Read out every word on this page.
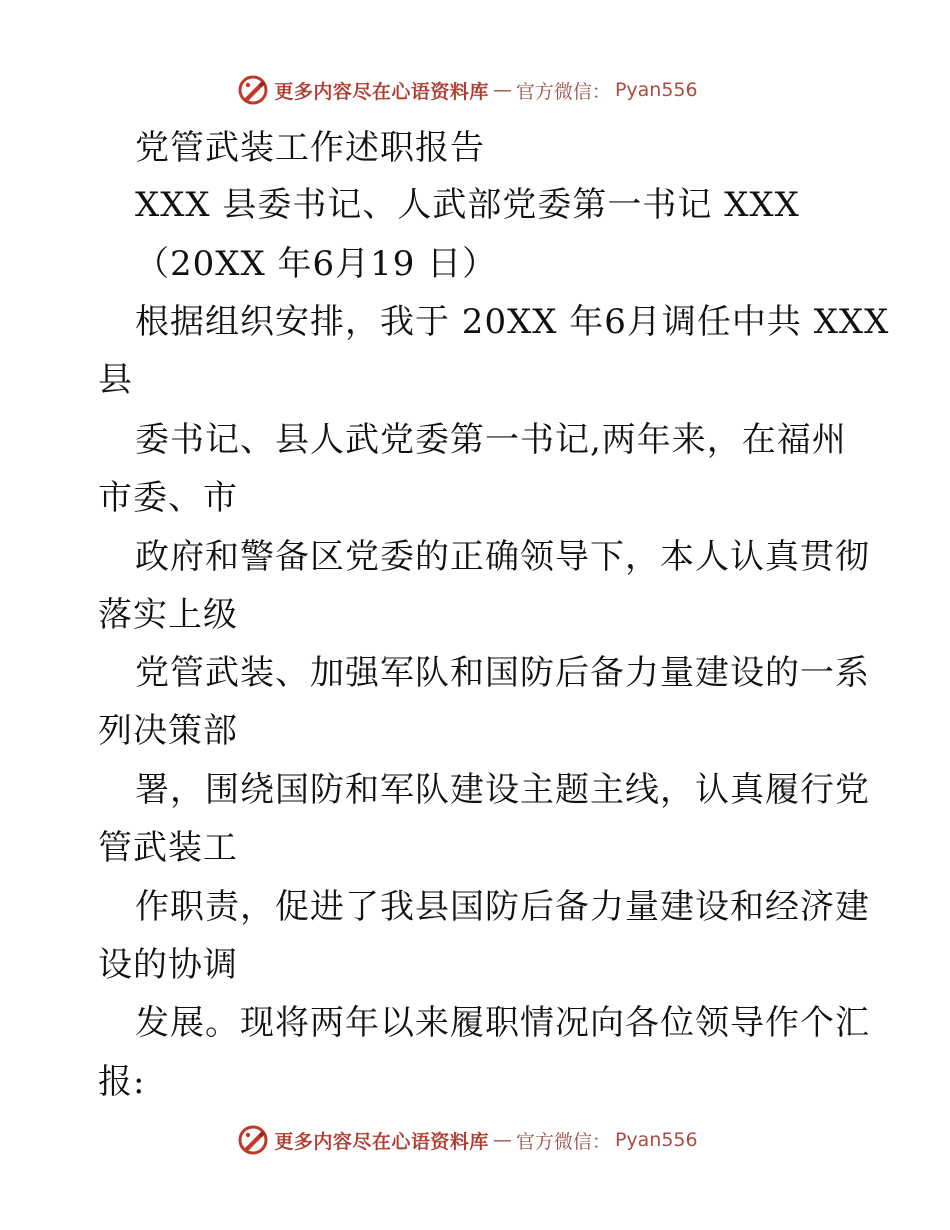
更多内容尽在心语资料库 — 官方微信： Pyan556
党管武装工作述职报告
XXX 县委书记、人武部党委第一书记 XXX
（20XX 年6月19 日）
根据组织安排，我于 20XX 年6月调任中共 XXX
县
委书记、县人武党委第一书记,两年来，在福州
市委、市
政府和警备区党委的正确领导下，本人认真贯彻
落实上级
党管武装、加强军队和国防后备力量建设的一系
列决策部
署，围绕国防和军队建设主题主线，认真履行党
管武装工
作职责，促进了我县国防后备力量建设和经济建
设的协调
发展。现将两年以来履职情况向各位领导作个汇
报:
更多内容尽在心语资料库 — 官方微信： Pyan556
